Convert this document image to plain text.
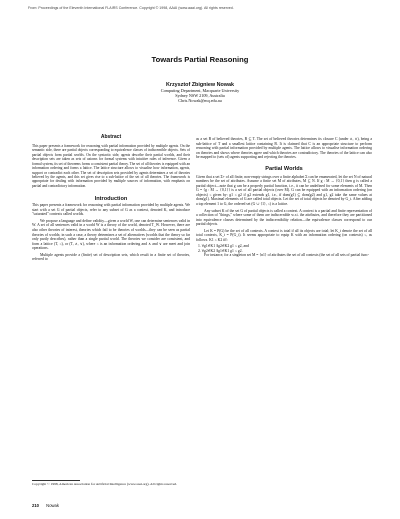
From: Proceedings of the Eleventh International FLAIRS Conference. Copyright © 1998, AAAI (www.aaai.org). All rights reserved.
Towards Partial Reasoning
Krzysztof Zbigniew Nowak
Computing Department, Macquarie University
Sydney NSW 2109, Australia
Chris.Nowak@mq.edu.au
Abstract

This paper presents a framework for reasoning with partial information provided by multiple agents. On the semantic side, there are partial objects corresponding to equivalence classes of indiscernible objects. Sets of partial objects form partial worlds. On the syntactic side, agents describe their partial worlds, and their description sets are taken as sets of axioms for formal systems with intuitive rules of inference. Given a formal system, its set of theorems forms a consistent partial theory. The set of all theories is equipped with an information ordering and forms a lattice. The lattice structure allows to visualise how information, agents, support or contradict each other. The set of description sets provided by agents determines a set of theories believed by the agents, and this set gives rise to a sub-lattice of the set of all theories. The framework is appropriate for dealing with information provided by multiple sources of information, with emphasis on partial and contradictory information.

Introduction

This paper presents a framework for reasoning with partial information provided by multiple agents. We start with a set G of partial objects, refer to any subset of G as a context, denoted K, and introduce "saturated" contexts called worlds.

We propose a language and define validity—given a world W, one can determine sentences valid in W. A set of all sentences valid in a world W is a theory of the world, denoted T_W. However, there are also other theories of interest, theories which fail to be theories of worlds—they can be seen as partial theories of worlds; in such a case, a theory determines a set of alternatives (worlds that the theory so far only partly describes), rather than a single partial world. The theories we consider are consistent, and form a lattice (T, ≤), or (T, ∧, ∨), where ≤ is an information ordering and ∧ and ∨ are meet and join operations.

Multiple agents provide a (finite) set of description sets, which result in a finite set of theories, referred to

as a set B of believed theories, B ⊆ T. The set of believed theories determines its closure C (under ∧, ∨), being a sub-lattice of T and a smallest lattice containing B. It is claimed that C is an appropriate structure to perform reasoning with partial information provided by multiple agents. The lattice allows to visualise information ordering on theories and shows where theories agree and which theories are contradictory. The theories of the lattice can also be mapped to (sets of) agents supporting and rejecting the theories.

Partial Worlds

Given that a set Σ+ of all finite, non-empty strings over a finite alphabet Σ can be enumerated, let the set N of natural numbers be the set of attributes. Assume a finite set M of attributes, M ⊆ N. If g : M → {0,1} then g is called a partial object—note that g can be a properly partial function, i.e., it can be undefined for some elements of M. Then G = {g : M → {0,1}} is a set of all partial objects (over M). G can be equipped with an information ordering (on objects) ≤ given by: g1 ≤ g2 if g2 extends g1, i.e., if dom(g1) ⊆ dom(g2) and g1, g2 take the same values at dom(g1). Maximal elements of G are called total objects. Let the set of total objects be denoted by G_t. After adding a top element 1 to G, the ordered set (G ∪ {1}, ≤) is a lattice.

Any subset K of the set G of partial objects is called a context. A context is a partial and finite representation of a collection of "things," where some of them are indiscernible w.r.t. the attributes, and therefore they are partitioned into equivalence classes determined by the indiscernibility relation—the equivalence classes correspond to our partial objects.

Let K = P(G) be the set of all contexts. A context is total if all its objects are total; let K_t denote the set of all total contexts, K_t = P(G_t). It seems appropriate to equip K with an information ordering (on contexts) ≤, as follows. K1 ≤ K2 iff:

1. ∀g1∈K1 ∃g2∈K2 g1 ≤ g2, and
2. ∀g2∈K2 ∃g1∈K1 g1 ≤ g2.

For instance, for a singleton set M = {n1} of attributes the set of all contexts (the set of all sets of partial func-

Copyright © 1998, American Association for Artificial Intelligence (www.aaai.org). All rights reserved.
210 Nowak
